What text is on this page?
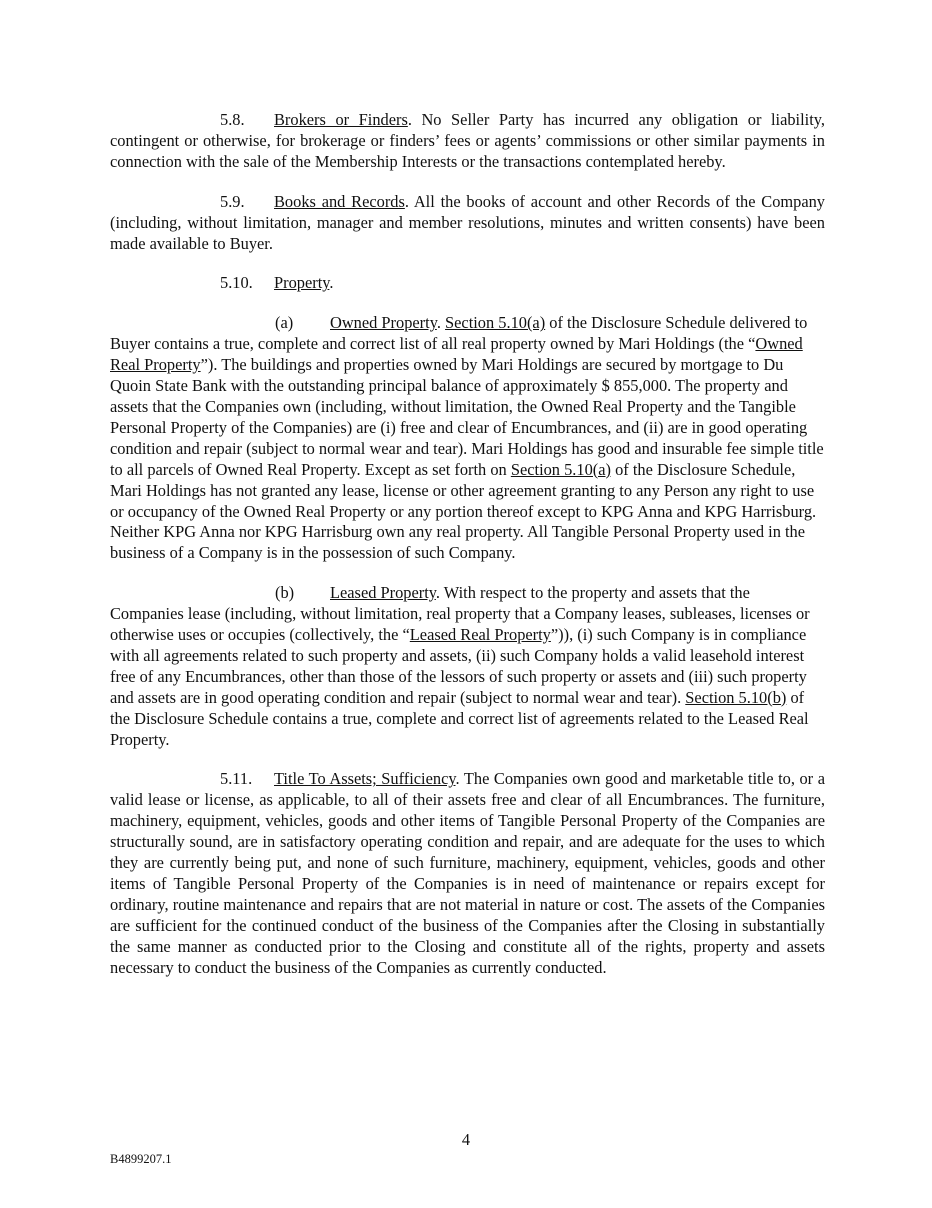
5.8. Brokers or Finders. No Seller Party has incurred any obligation or liability, contingent or otherwise, for brokerage or finders’ fees or agents’ commissions or other similar payments in connection with the sale of the Membership Interests or the transactions contemplated hereby.

5.9. Books and Records. All the books of account and other Records of the Company (including, without limitation, manager and member resolutions, minutes and written consents) have been made available to Buyer.

5.10. Property.

(a) Owned Property. Section 5.10(a) of the Disclosure Schedule delivered to Buyer contains a true, complete and correct list of all real property owned by Mari Holdings (the “Owned Real Property”). The buildings and properties owned by Mari Holdings are secured by mortgage to Du Quoin State Bank with the outstanding principal balance of approximately $ 855,000. The property and assets that the Companies own (including, without limitation, the Owned Real Property and the Tangible Personal Property of the Companies) are (i) free and clear of Encumbrances, and (ii) are in good operating condition and repair (subject to normal wear and tear). Mari Holdings has good and insurable fee simple title to all parcels of Owned Real Property. Except as set forth on Section 5.10(a) of the Disclosure Schedule, Mari Holdings has not granted any lease, license or other agreement granting to any Person any right to use or occupancy of the Owned Real Property or any portion thereof except to KPG Anna and KPG Harrisburg. Neither KPG Anna nor KPG Harrisburg own any real property. All Tangible Personal Property used in the business of a Company is in the possession of such Company.

(b) Leased Property. With respect to the property and assets that the Companies lease (including, without limitation, real property that a Company leases, subleases, licenses or otherwise uses or occupies (collectively, the “Leased Real Property”)), (i) such Company is in compliance with all agreements related to such property and assets, (ii) such Company holds a valid leasehold interest free of any Encumbrances, other than those of the lessors of such property or assets and (iii) such property and assets are in good operating condition and repair (subject to normal wear and tear). Section 5.10(b) of the Disclosure Schedule contains a true, complete and correct list of agreements related to the Leased Real Property.

5.11. Title To Assets; Sufficiency. The Companies own good and marketable title to, or a valid lease or license, as applicable, to all of their assets free and clear of all Encumbrances. The furniture, machinery, equipment, vehicles, goods and other items of Tangible Personal Property of the Companies are structurally sound, are in satisfactory operating condition and repair, and are adequate for the uses to which they are currently being put, and none of such furniture, machinery, equipment, vehicles, goods and other items of Tangible Personal Property of the Companies is in need of maintenance or repairs except for ordinary, routine maintenance and repairs that are not material in nature or cost. The assets of the Companies are sufficient for the continued conduct of the business of the Companies after the Closing in substantially the same manner as conducted prior to the Closing and constitute all of the rights, property and assets necessary to conduct the business of the Companies as currently conducted.

4
B4899207.1
